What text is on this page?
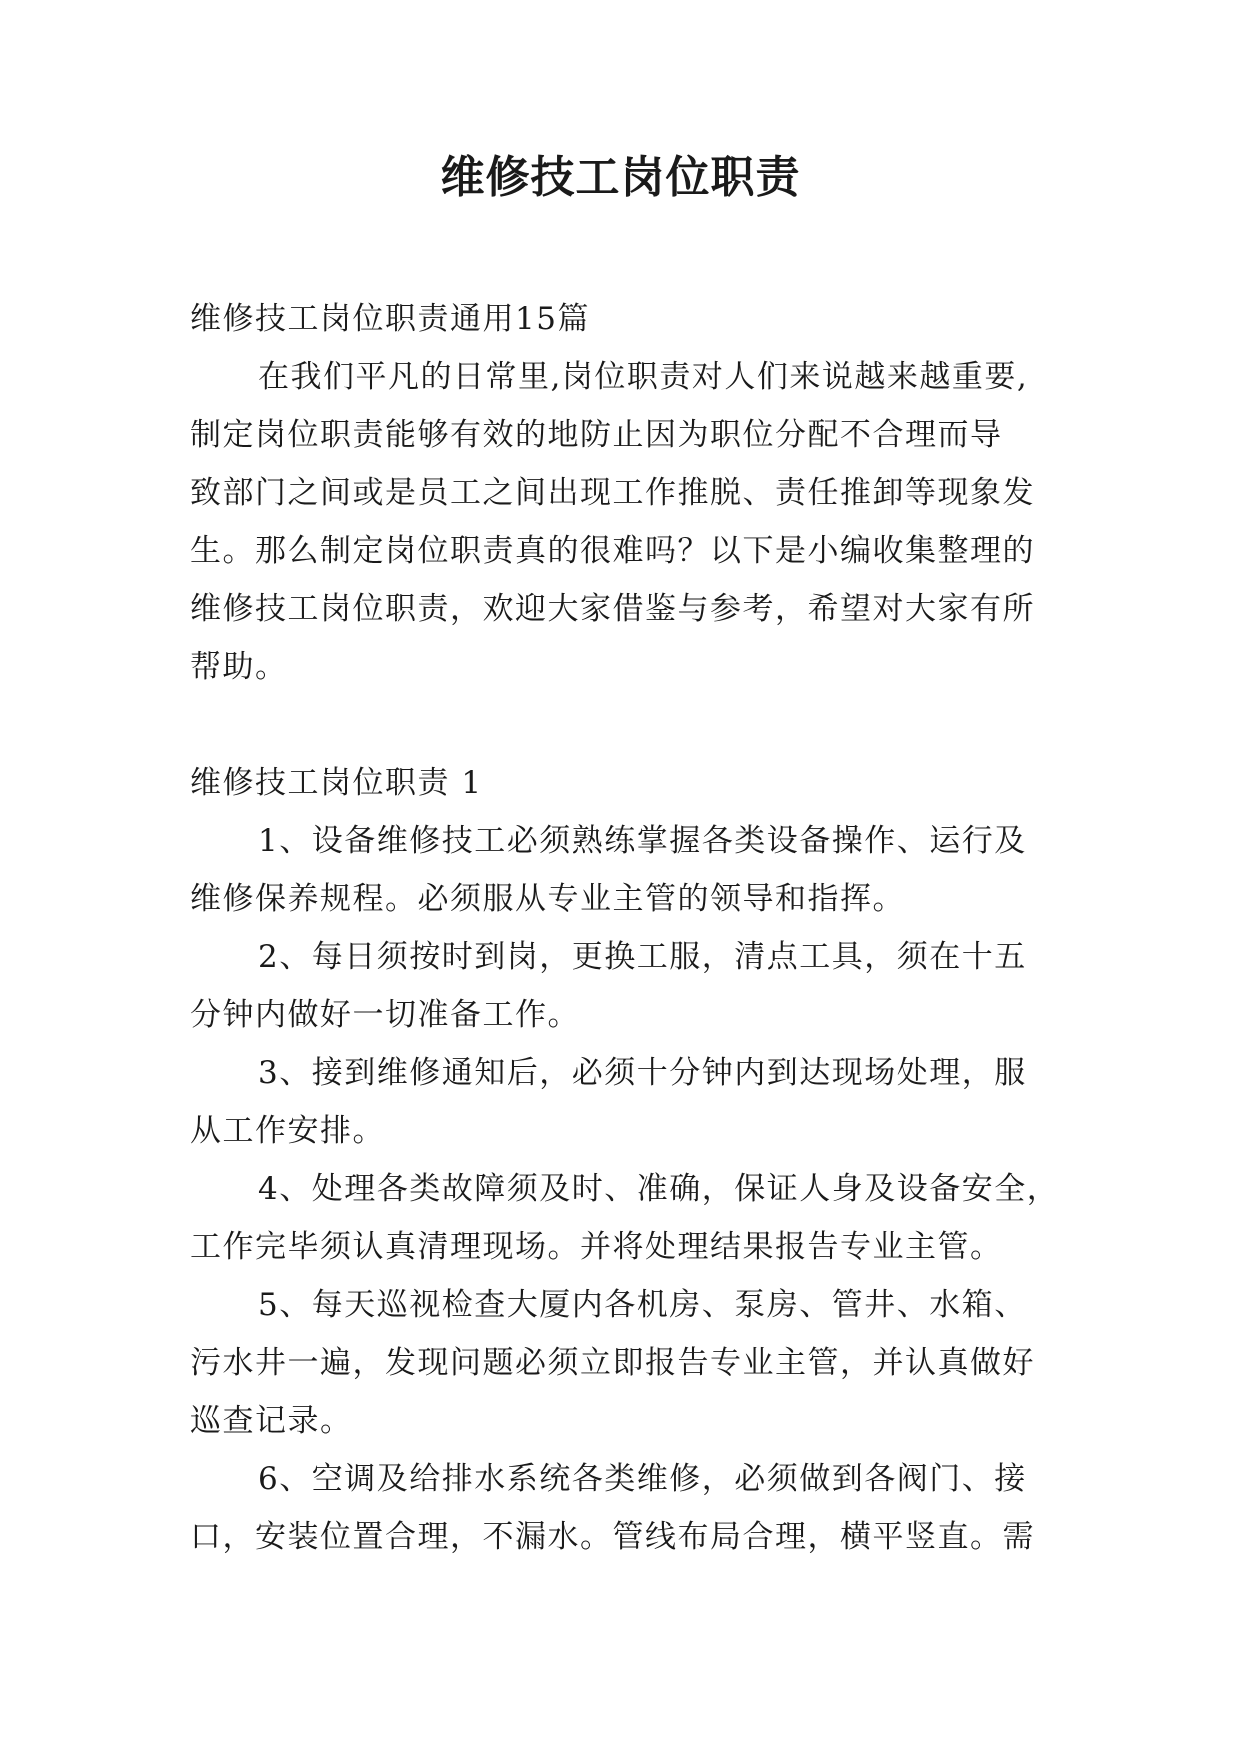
维修技工岗位职责

维修技工岗位职责通用15篇

在我们平凡的日常里,岗位职责对人们来说越来越重要,

制定岗位职责能够有效的地防止因为职位分配不合理而导

致部门之间或是员工之间出现工作推脱、责任推卸等现象发

生。那么制定岗位职责真的很难吗？以下是小编收集整理的

维修技工岗位职责，欢迎大家借鉴与参考，希望对大家有所

帮助。

维修技工岗位职责 1

1、设备维修技工必须熟练掌握各类设备操作、运行及

维修保养规程。必须服从专业主管的领导和指挥。

2、每日须按时到岗，更换工服，清点工具，须在十五

分钟内做好一切准备工作。

3、接到维修通知后，必须十分钟内到达现场处理，服

从工作安排。

4、处理各类故障须及时、准确，保证人身及设备安全，

工作完毕须认真清理现场。并将处理结果报告专业主管。

5、每天巡视检查大厦内各机房、泵房、管井、水箱、

污水井一遍，发现问题必须立即报告专业主管，并认真做好

巡查记录。

6、空调及给排水系统各类维修，必须做到各阀门、接

口，安装位置合理，不漏水。管线布局合理，横平竖直。需
